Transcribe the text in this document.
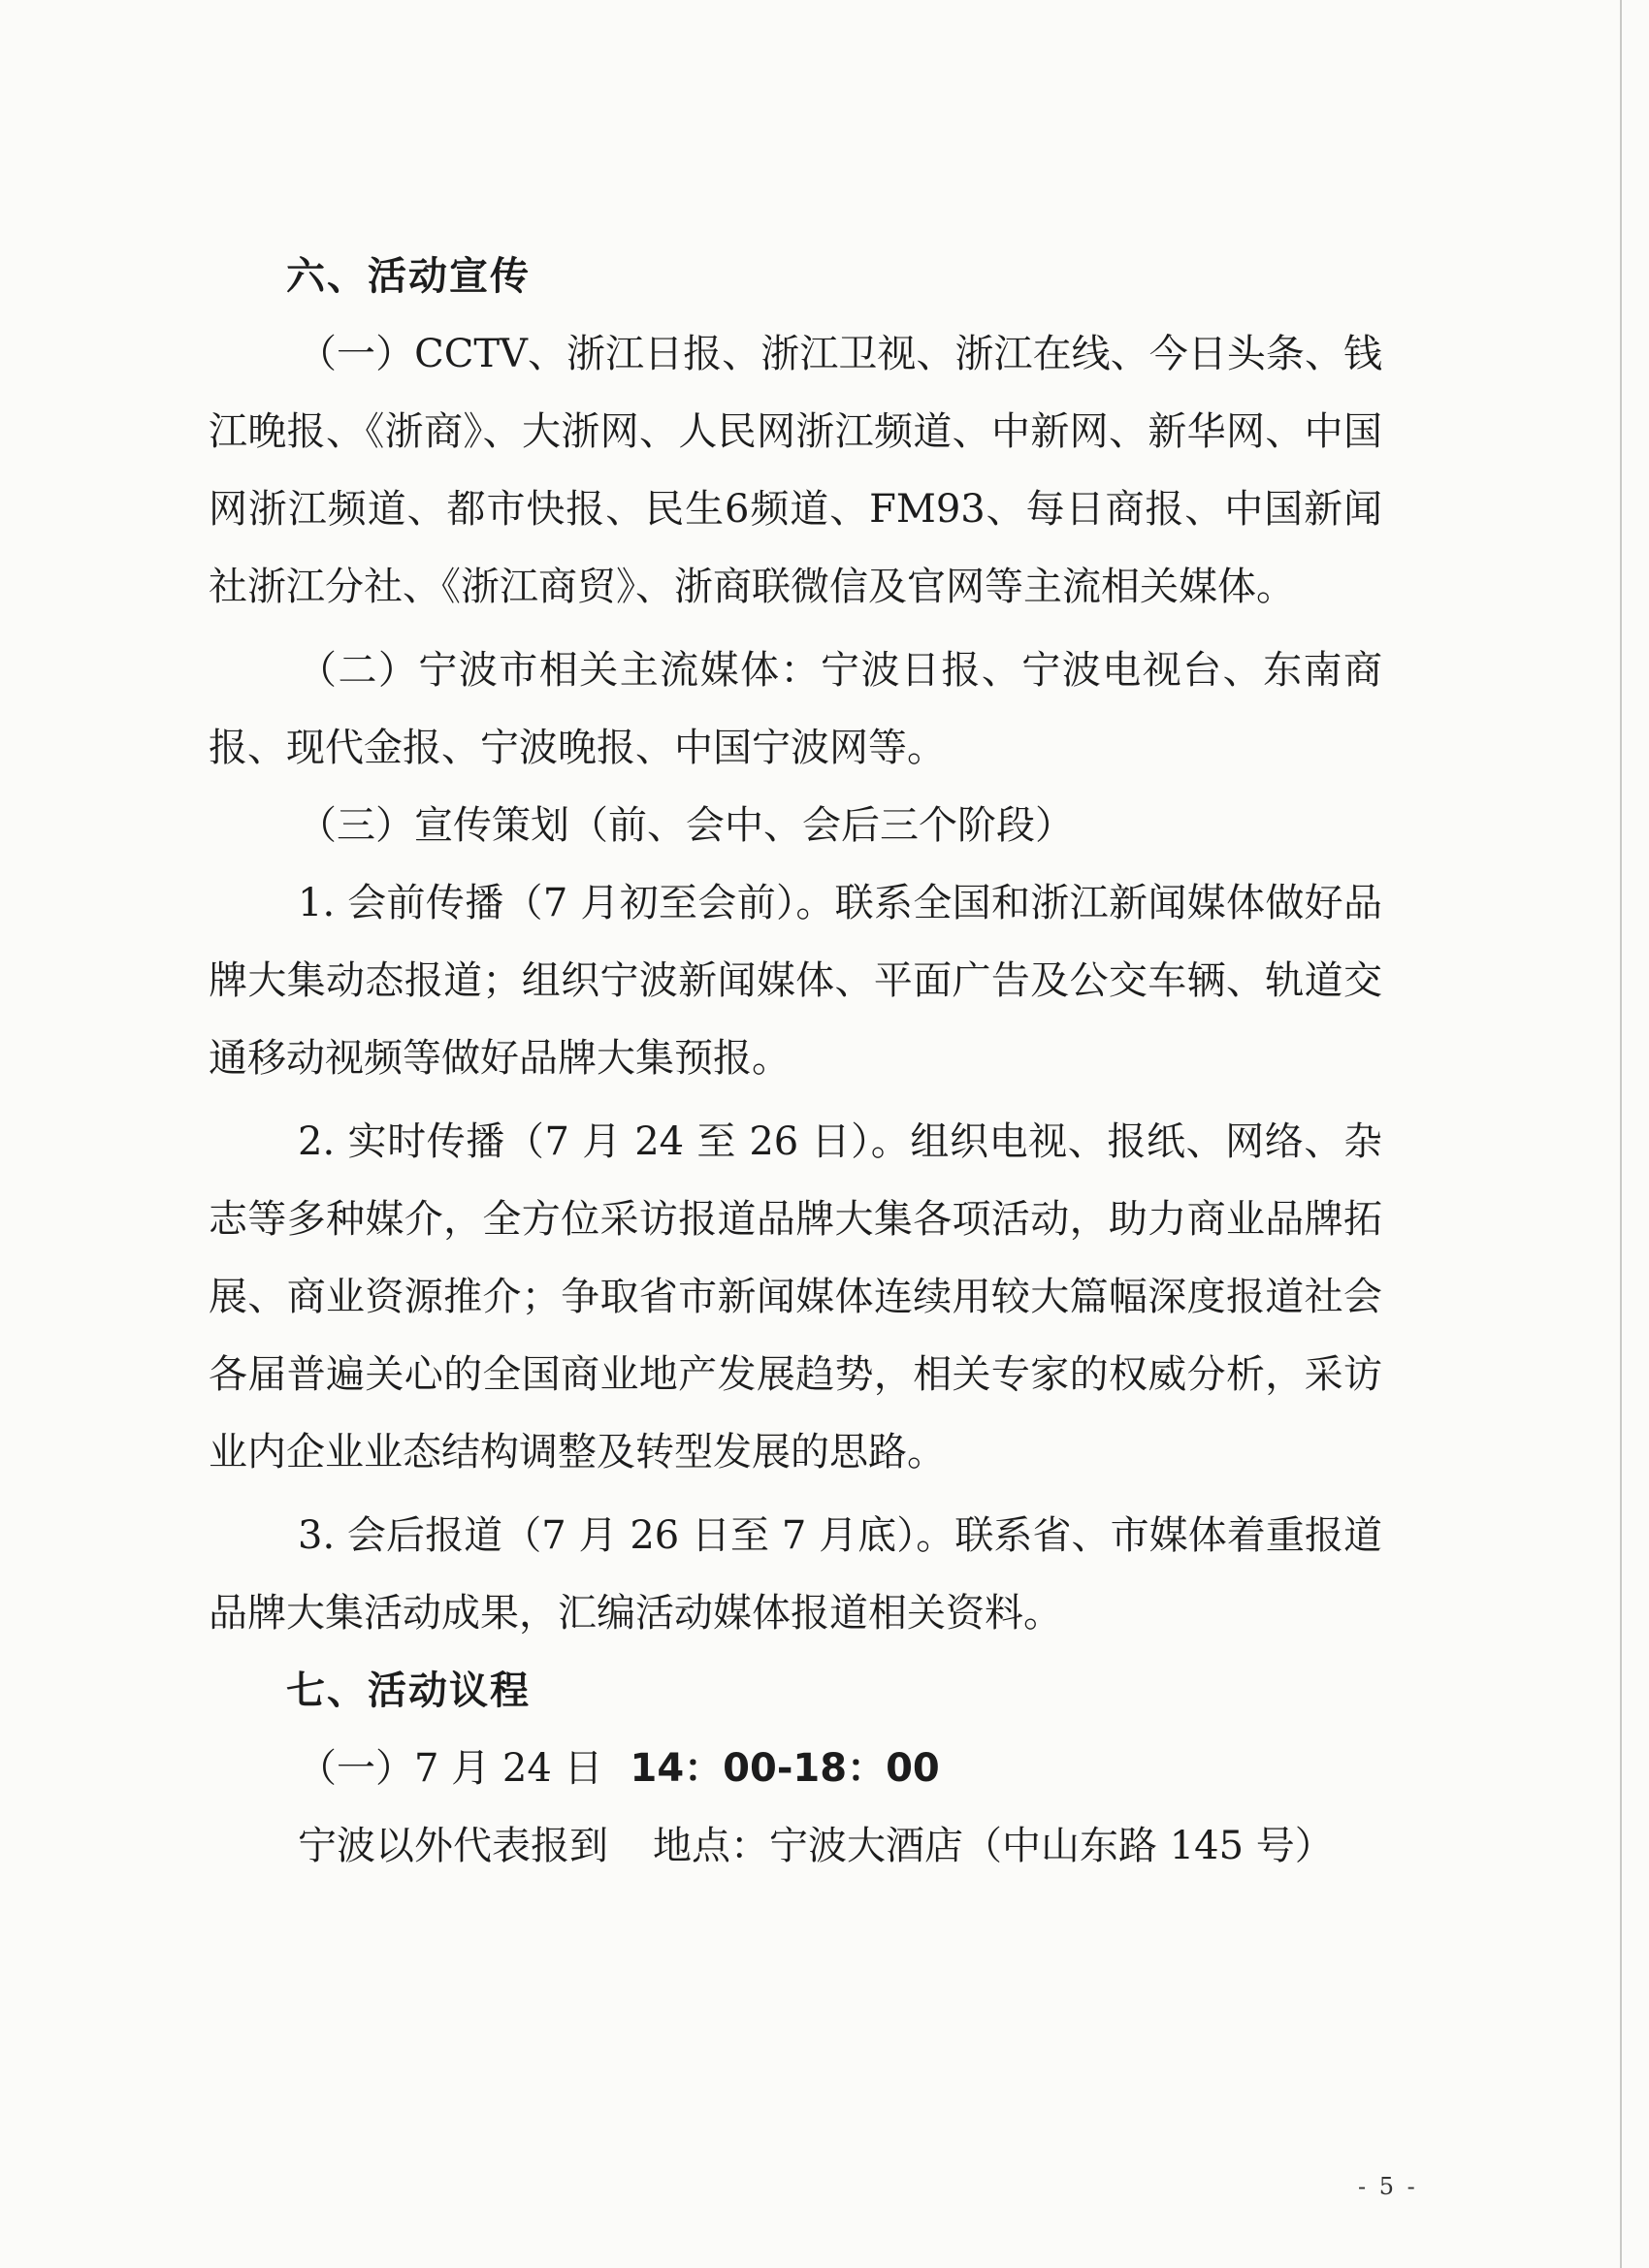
六、活动宣传

（一）CCTV、浙江日报、浙江卫视、浙江在线、今日头条、钱江晚报、《浙商》、大浙网、人民网浙江频道、中新网、新华网、中国网浙江频道、都市快报、民生6频道、FM93、每日商报、中国新闻社浙江分社、《浙江商贸》、浙商联微信及官网等主流相关媒体。

（二）宁波市相关主流媒体：宁波日报、宁波电视台、东南商报、现代金报、宁波晚报、中国宁波网等。

（三）宣传策划（前、会中、会后三个阶段）

1. 会前传播（7 月初至会前）。联系全国和浙江新闻媒体做好品牌大集动态报道；组织宁波新闻媒体、平面广告及公交车辆、轨道交通移动视频等做好品牌大集预报。

2. 实时传播（7 月 24 至 26 日）。组织电视、报纸、网络、杂志等多种媒介，全方位采访报道品牌大集各项活动，助力商业品牌拓展、商业资源推介；争取省市新闻媒体连续用较大篇幅深度报道社会各届普遍关心的全国商业地产发展趋势，相关专家的权威分析，采访业内企业业态结构调整及转型发展的思路。

3. 会后报道（7 月 26 日至 7 月底）。联系省、市媒体着重报道品牌大集活动成果，汇编活动媒体报道相关资料。

七、活动议程

（一）7 月 24 日 14：00-18：00

宁波以外代表报到 地点：宁波大酒店（中山东路 145 号）

- 5 -
